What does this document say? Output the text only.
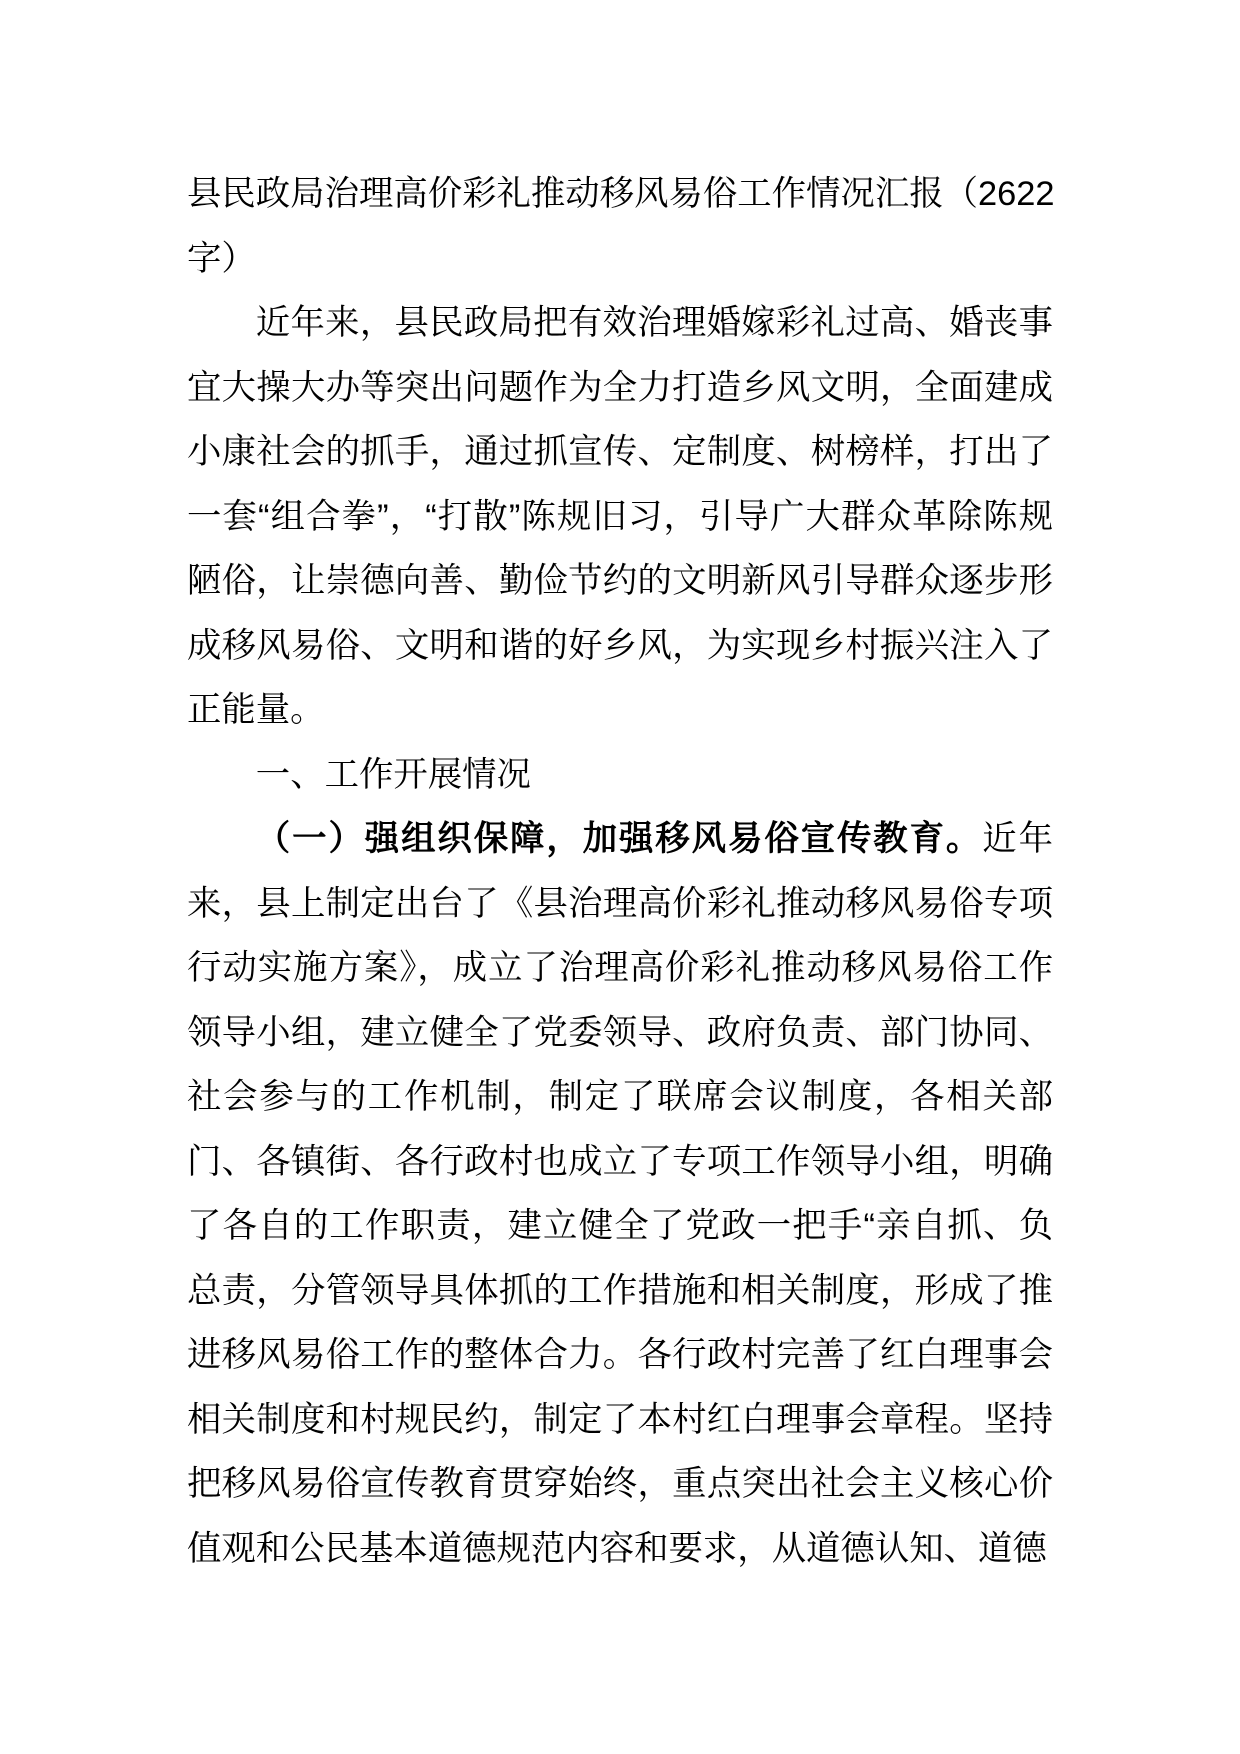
县民政局治理高价彩礼推动移风易俗工作情况汇报（2622
字）

近年来，县民政局把有效治理婚嫁彩礼过高、婚丧事宜大操大办等突出问题作为全力打造乡风文明，全面建成小康社会的抓手，通过抓宣传、定制度、树榜样，打出了一套“组合拳”，“打散”陈规旧习，引导广大群众革除陈规陋俗，让崇德向善、勤俭节约的文明新风引导群众逐步形成移风易俗、文明和谐的好乡风，为实现乡村振兴注入了正能量。

一、工作开展情况

（一）强组织保障，加强移风易俗宣传教育。近年来，县上制定出台了《县治理高价彩礼推动移风易俗专项行动实施方案》，成立了治理高价彩礼推动移风易俗工作领导小组，建立健全了党委领导、政府负责、部门协同、社会参与的工作机制，制定了联席会议制度，各相关部门、各镇街、各行政村也成立了专项工作领导小组，明确了各自的工作职责，建立健全了党政一把手“亲自抓、负总责，分管领导具体抓的工作措施和相关制度，形成了推进移风易俗工作的整体合力。各行政村完善了红白理事会相关制度和村规民约，制定了本村红白理事会章程。坚持把移风易俗宣传教育贯穿始终，重点突出社会主义核心价值观和公民基本道德规范内容和要求，从道德认知、道德
